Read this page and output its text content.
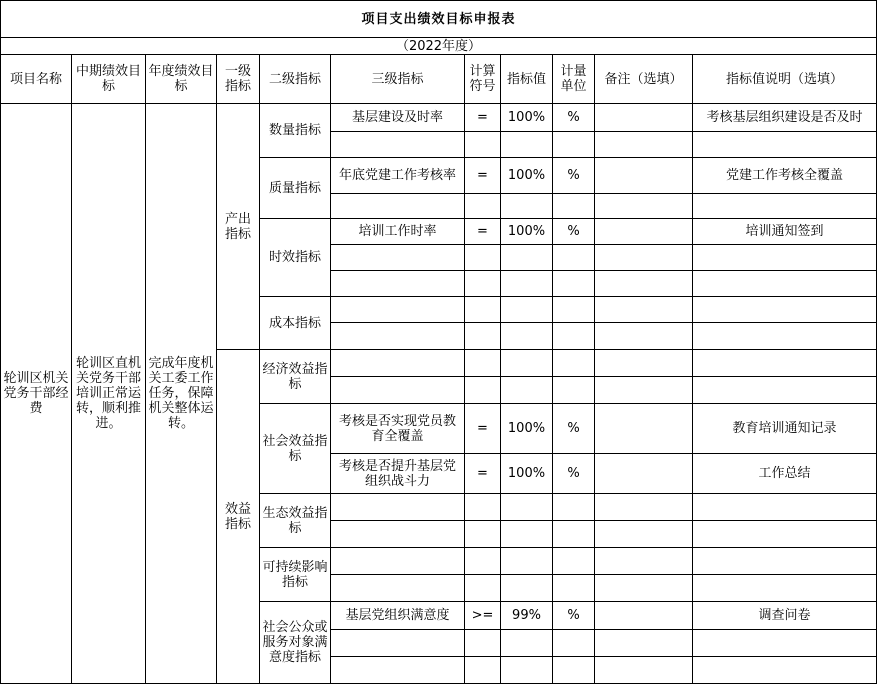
项目支出绩效目标申报表										
（2022年度）										
项目名称	中期绩效目标	年度绩效目标	一级指标	二级指标	三级指标	计算符号	指标值	计量单位	备注（选填）	指标值说明（选填）
轮训区机关党务干部经费	轮训区直机关党务干部培训正常运转，顺利推进。	完成年度机关工委工作任务，保障机关整体运转。	产出指标	数量指标	基层建设及时率	=	100%	%		考核基层组织建设是否及时

				质量指标	年底党建工作考核率	=	100%	%		党建工作考核全覆盖

				时效指标	培训工作时率	=	100%	%		培训通知签到

				成本指标						

			效益指标	经济效益指标						

				社会效益指标	考核是否实现党员教育全覆盖	=	100%	%		教育培训通知记录
					考核是否提升基层党组织战斗力	=	100%	%		工作总结
				生态效益指标						

				可持续影响指标						

				社会公众或服务对象满意度指标	基层党组织满意度	>=	99%	%		调查问卷
